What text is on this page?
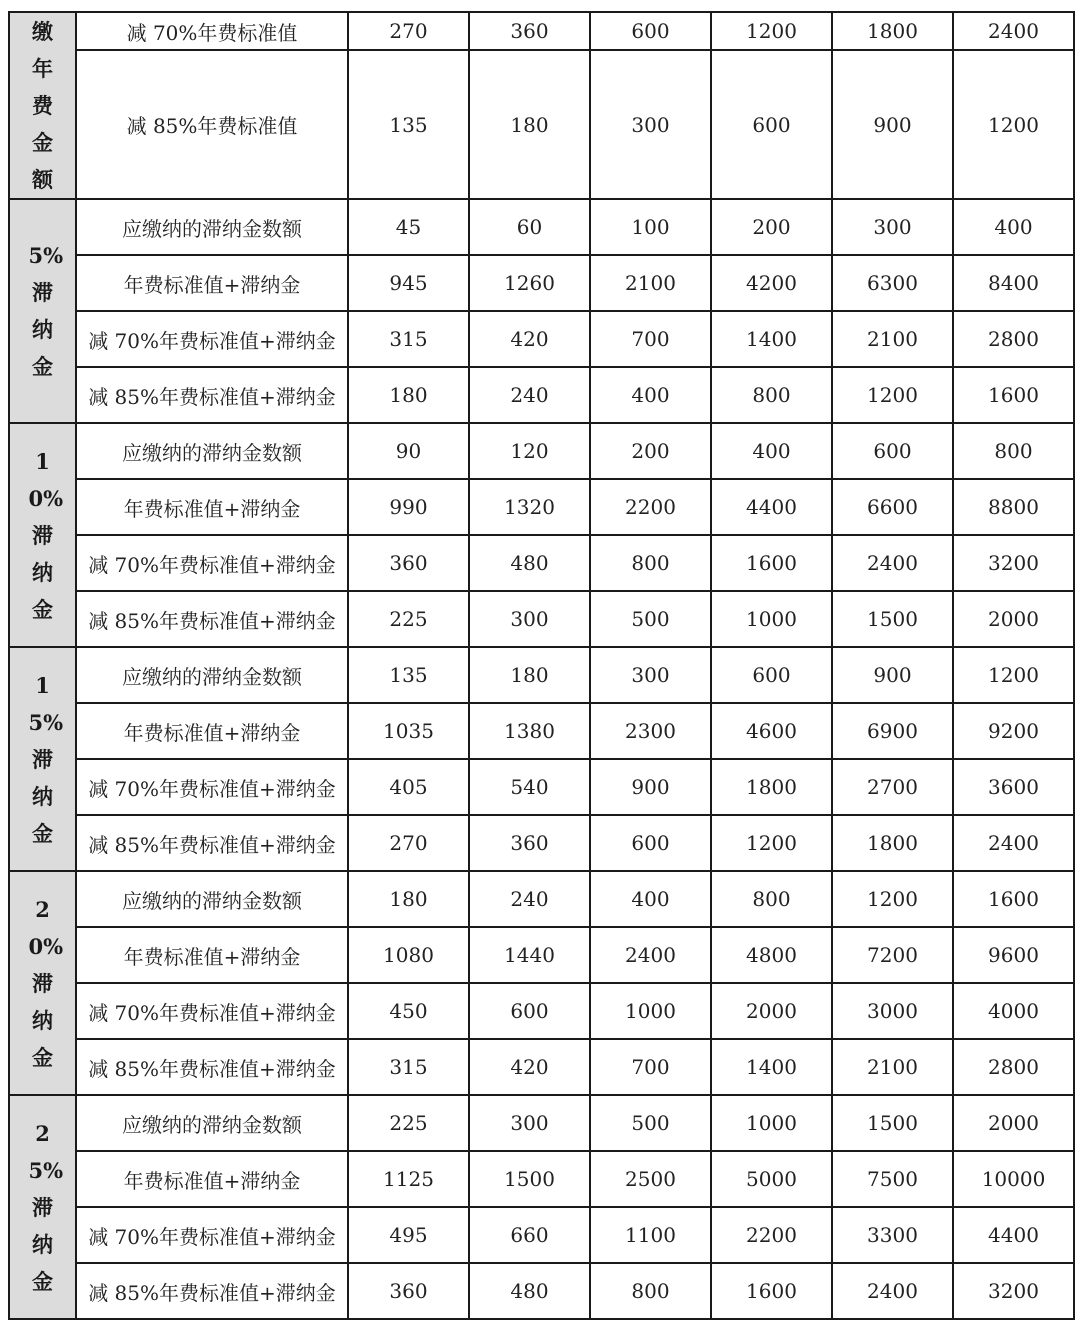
缴年费金额	减 70%年费标准值	270	360	600	1200	1800	2400
	减 85%年费标准值	135	180	300	600	900	1200
5%滞纳金	应缴纳的滞纳金数额	45	60	100	200	300	400
	年费标准值+滞纳金	945	1260	2100	4200	6300	8400
	减 70%年费标准值+滞纳金	315	420	700	1400	2100	2800
	减 85%年费标准值+滞纳金	180	240	400	800	1200	1600
10%滞纳金	应缴纳的滞纳金数额	90	120	200	400	600	800
	年费标准值+滞纳金	990	1320	2200	4400	6600	8800
	减 70%年费标准值+滞纳金	360	480	800	1600	2400	3200
	减 85%年费标准值+滞纳金	225	300	500	1000	1500	2000
15%滞纳金	应缴纳的滞纳金数额	135	180	300	600	900	1200
	年费标准值+滞纳金	1035	1380	2300	4600	6900	9200
	减 70%年费标准值+滞纳金	405	540	900	1800	2700	3600
	减 85%年费标准值+滞纳金	270	360	600	1200	1800	2400
20%滞纳金	应缴纳的滞纳金数额	180	240	400	800	1200	1600
	年费标准值+滞纳金	1080	1440	2400	4800	7200	9600
	减 70%年费标准值+滞纳金	450	600	1000	2000	3000	4000
	减 85%年费标准值+滞纳金	315	420	700	1400	2100	2800
25%滞纳金	应缴纳的滞纳金数额	225	300	500	1000	1500	2000
	年费标准值+滞纳金	1125	1500	2500	5000	7500	10000
	减 70%年费标准值+滞纳金	495	660	1100	2200	3300	4400
	减 85%年费标准值+滞纳金	360	480	800	1600	2400	3200
